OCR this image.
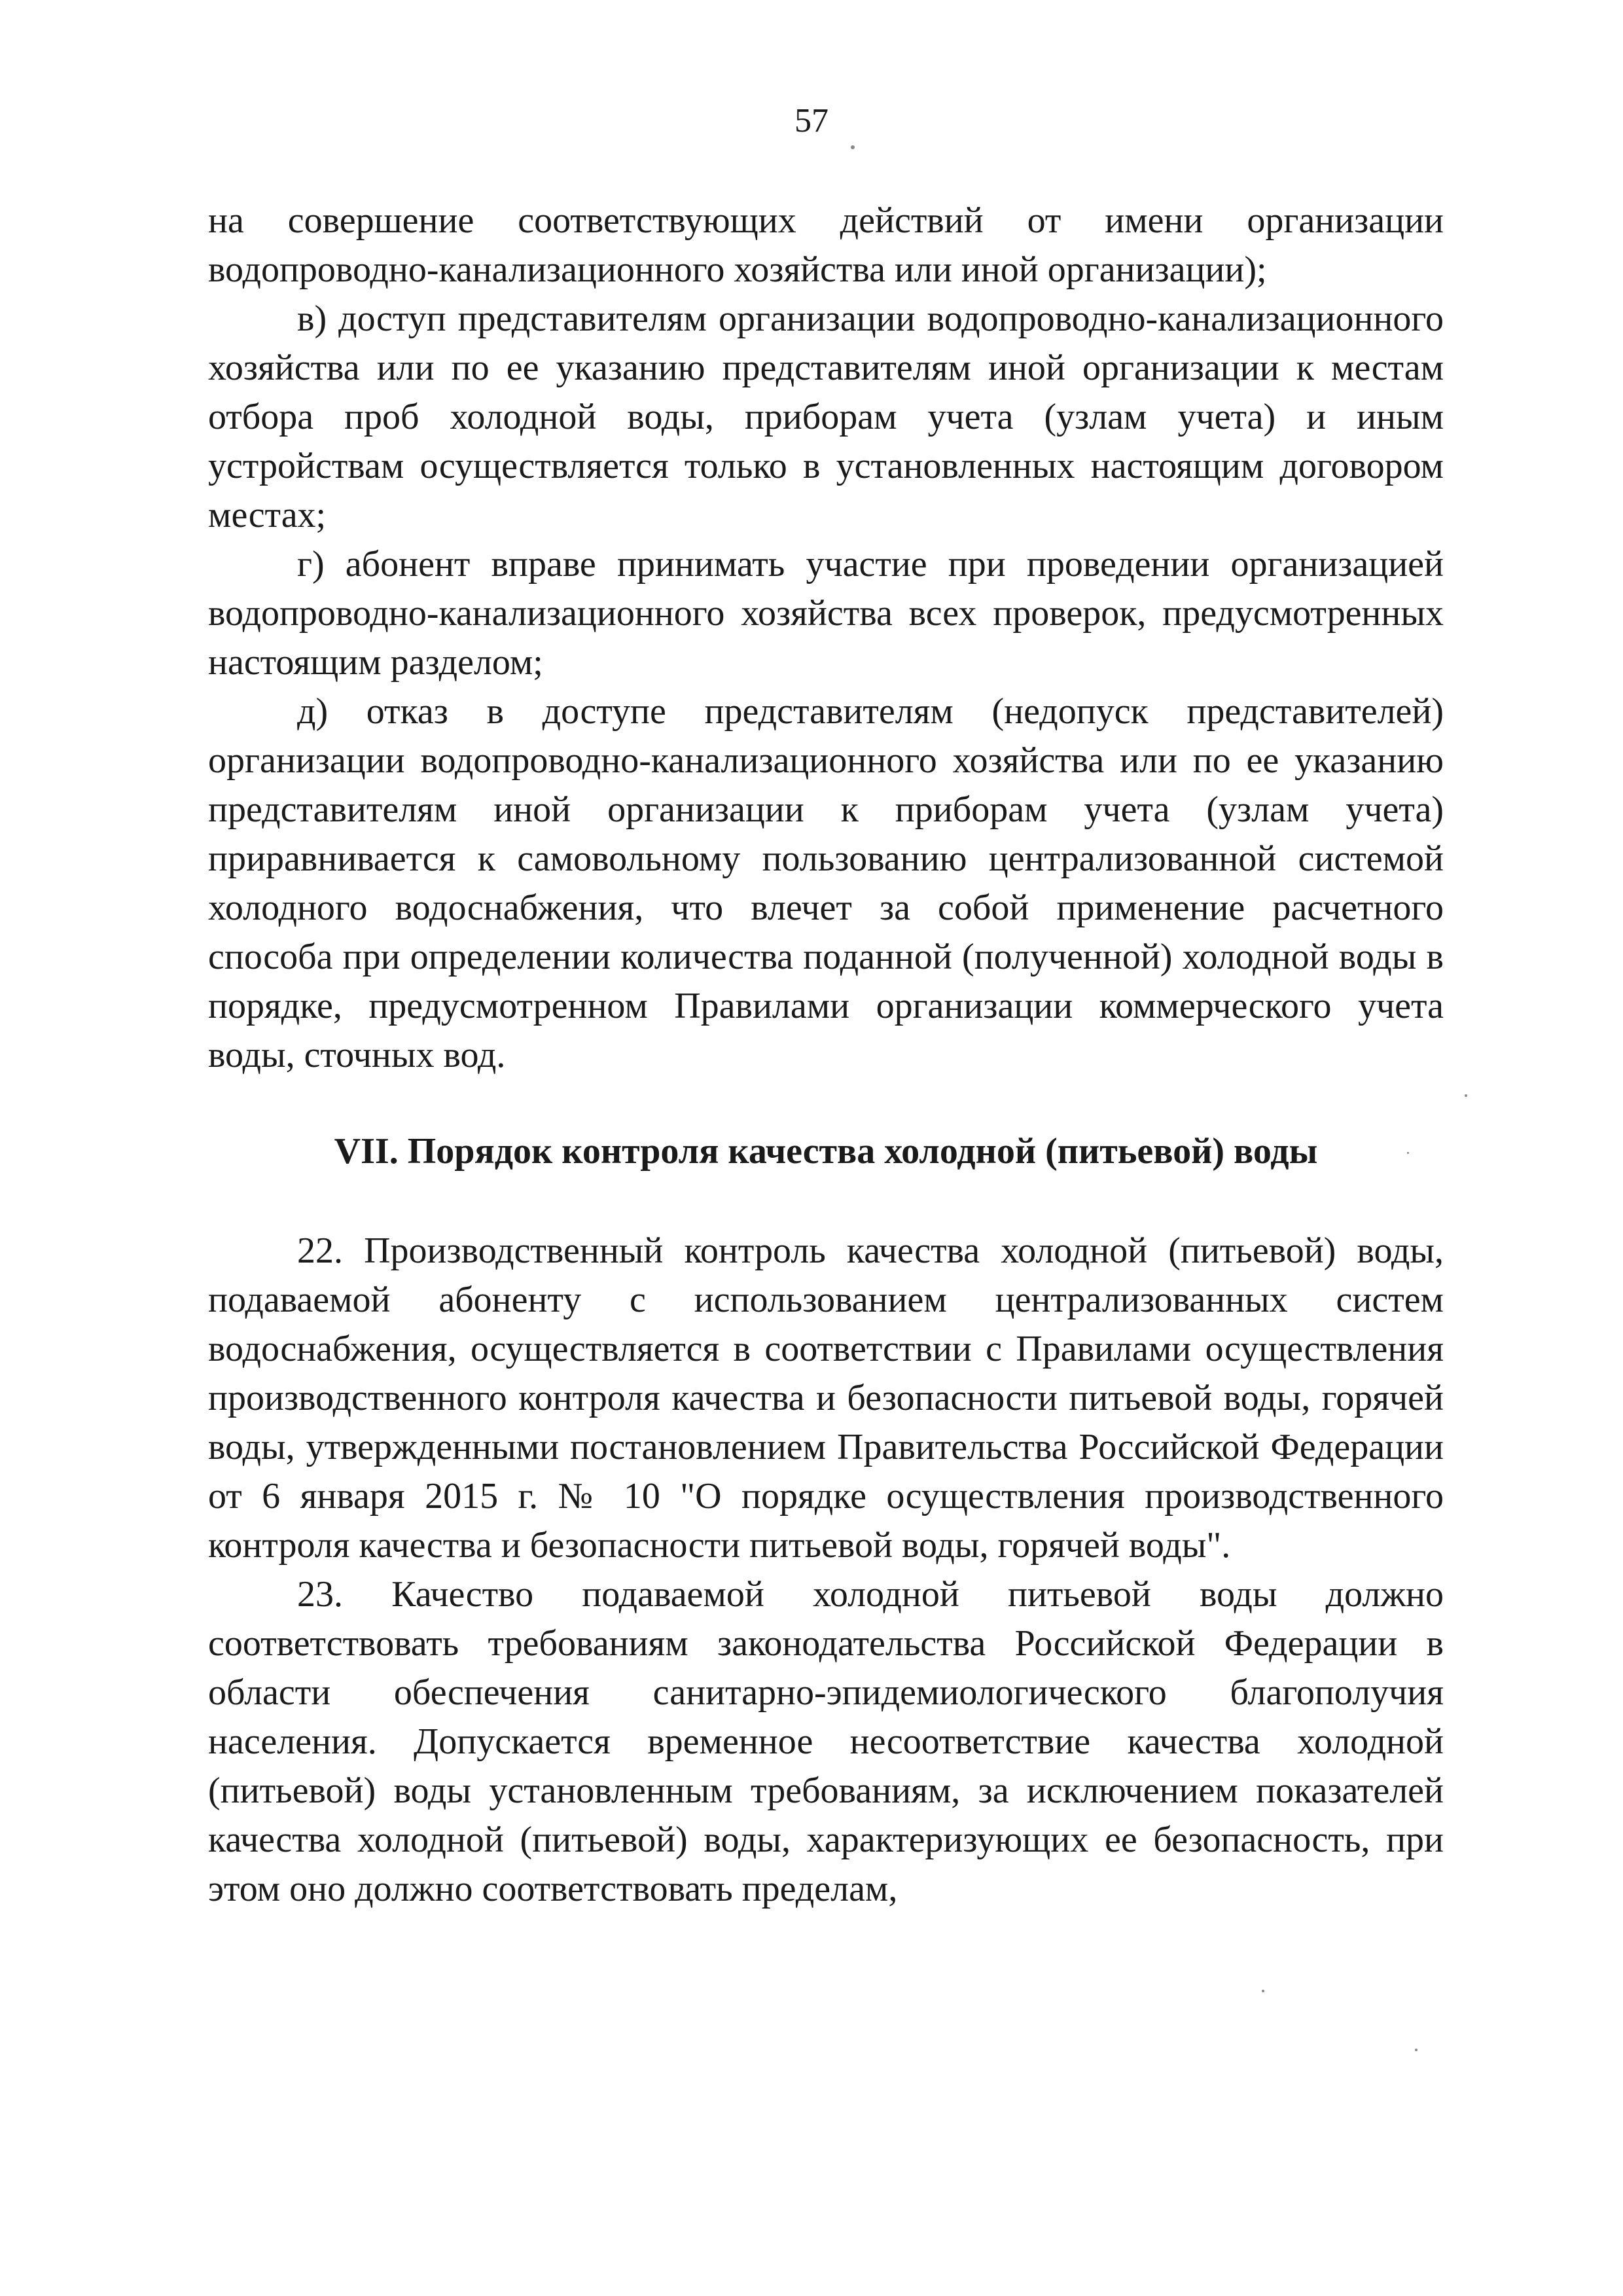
57

на совершение соответствующих действий от имени организации водопроводно-канализационного хозяйства или иной организации);

в) доступ представителям организации водопроводно-канализационного хозяйства или по ее указанию представителям иной организации к местам отбора проб холодной воды, приборам учета (узлам учета) и иным устройствам осуществляется только в установленных настоящим договором местах;

г) абонент вправе принимать участие при проведении организацией водопроводно-канализационного хозяйства всех проверок, предусмотренных настоящим разделом;

д) отказ в доступе представителям (недопуск представителей) организации водопроводно-канализационного хозяйства или по ее указанию представителям иной организации к приборам учета (узлам учета) приравнивается к самовольному пользованию централизованной системой холодного водоснабжения, что влечет за собой применение расчетного способа при определении количества поданной (полученной) холодной воды в порядке, предусмотренном Правилами организации коммерческого учета воды, сточных вод.

VII. Порядок контроля качества холодной (питьевой) воды

22. Производственный контроль качества холодной (питьевой) воды, подаваемой абоненту с использованием централизованных систем водоснабжения, осуществляется в соответствии с Правилами осуществления производственного контроля качества и безопасности питьевой воды, горячей воды, утвержденными постановлением Правительства Российской Федерации от 6 января 2015 г. № 10 "О порядке осуществления производственного контроля качества и безопасности питьевой воды, горячей воды".

23. Качество подаваемой холодной питьевой воды должно соответствовать требованиям законодательства Российской Федерации в области обеспечения санитарно-эпидемиологического благополучия населения. Допускается временное несоответствие качества холодной (питьевой) воды установленным требованиям, за исключением показателей качества холодной (питьевой) воды, характеризующих ее безопасность, при этом оно должно соответствовать пределам,
